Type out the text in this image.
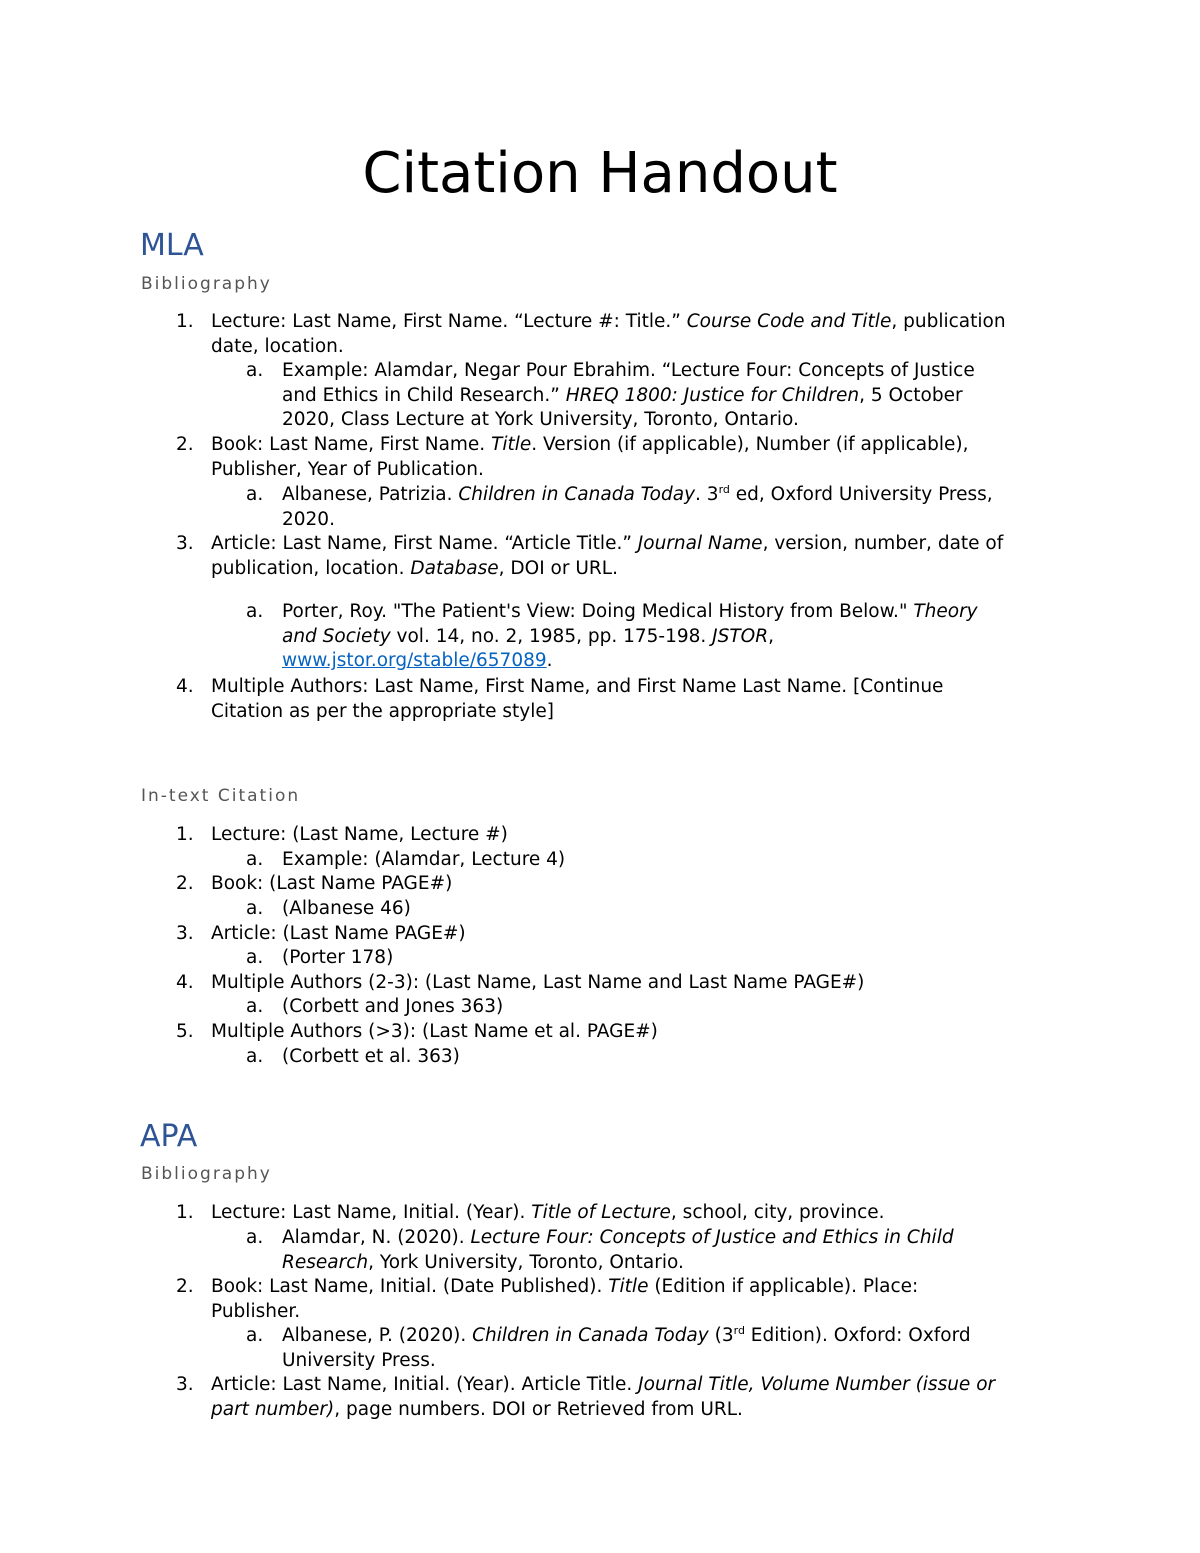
Citation Handout
MLA
Bibliography
1. Lecture: Last Name, First Name. “Lecture #: Title.” Course Code and Title, publication
date, location.
a. Example: Alamdar, Negar Pour Ebrahim. “Lecture Four: Concepts of Justice
and Ethics in Child Research.” HREQ 1800: Justice for Children, 5 October
2020, Class Lecture at York University, Toronto, Ontario.
2. Book: Last Name, First Name. Title. Version (if applicable), Number (if applicable),
Publisher, Year of Publication.
a. Albanese, Patrizia. Children in Canada Today. 3rd ed, Oxford University Press,
2020.
3. Article: Last Name, First Name. “Article Title.” Journal Name, version, number, date of
publication, location. Database, DOI or URL.
a. Porter, Roy. "The Patient's View: Doing Medical History from Below." Theory
and Society vol. 14, no. 2, 1985, pp. 175-198. JSTOR,
www.jstor.org/stable/657089.
4. Multiple Authors: Last Name, First Name, and First Name Last Name. [Continue
Citation as per the appropriate style]
In-text Citation
1. Lecture: (Last Name, Lecture #)
a. Example: (Alamdar, Lecture 4)
2. Book: (Last Name PAGE#)
a. (Albanese 46)
3. Article: (Last Name PAGE#)
a. (Porter 178)
4. Multiple Authors (2-3): (Last Name, Last Name and Last Name PAGE#)
a. (Corbett and Jones 363)
5. Multiple Authors (>3): (Last Name et al. PAGE#)
a. (Corbett et al. 363)
APA
Bibliography
1. Lecture: Last Name, Initial. (Year). Title of Lecture, school, city, province.
a. Alamdar, N. (2020). Lecture Four: Concepts of Justice and Ethics in Child
Research, York University, Toronto, Ontario.
2. Book: Last Name, Initial. (Date Published). Title (Edition if applicable). Place:
Publisher.
a. Albanese, P. (2020). Children in Canada Today (3rd Edition). Oxford: Oxford
University Press.
3. Article: Last Name, Initial. (Year). Article Title. Journal Title, Volume Number (issue or
part number), page numbers. DOI or Retrieved from URL.
